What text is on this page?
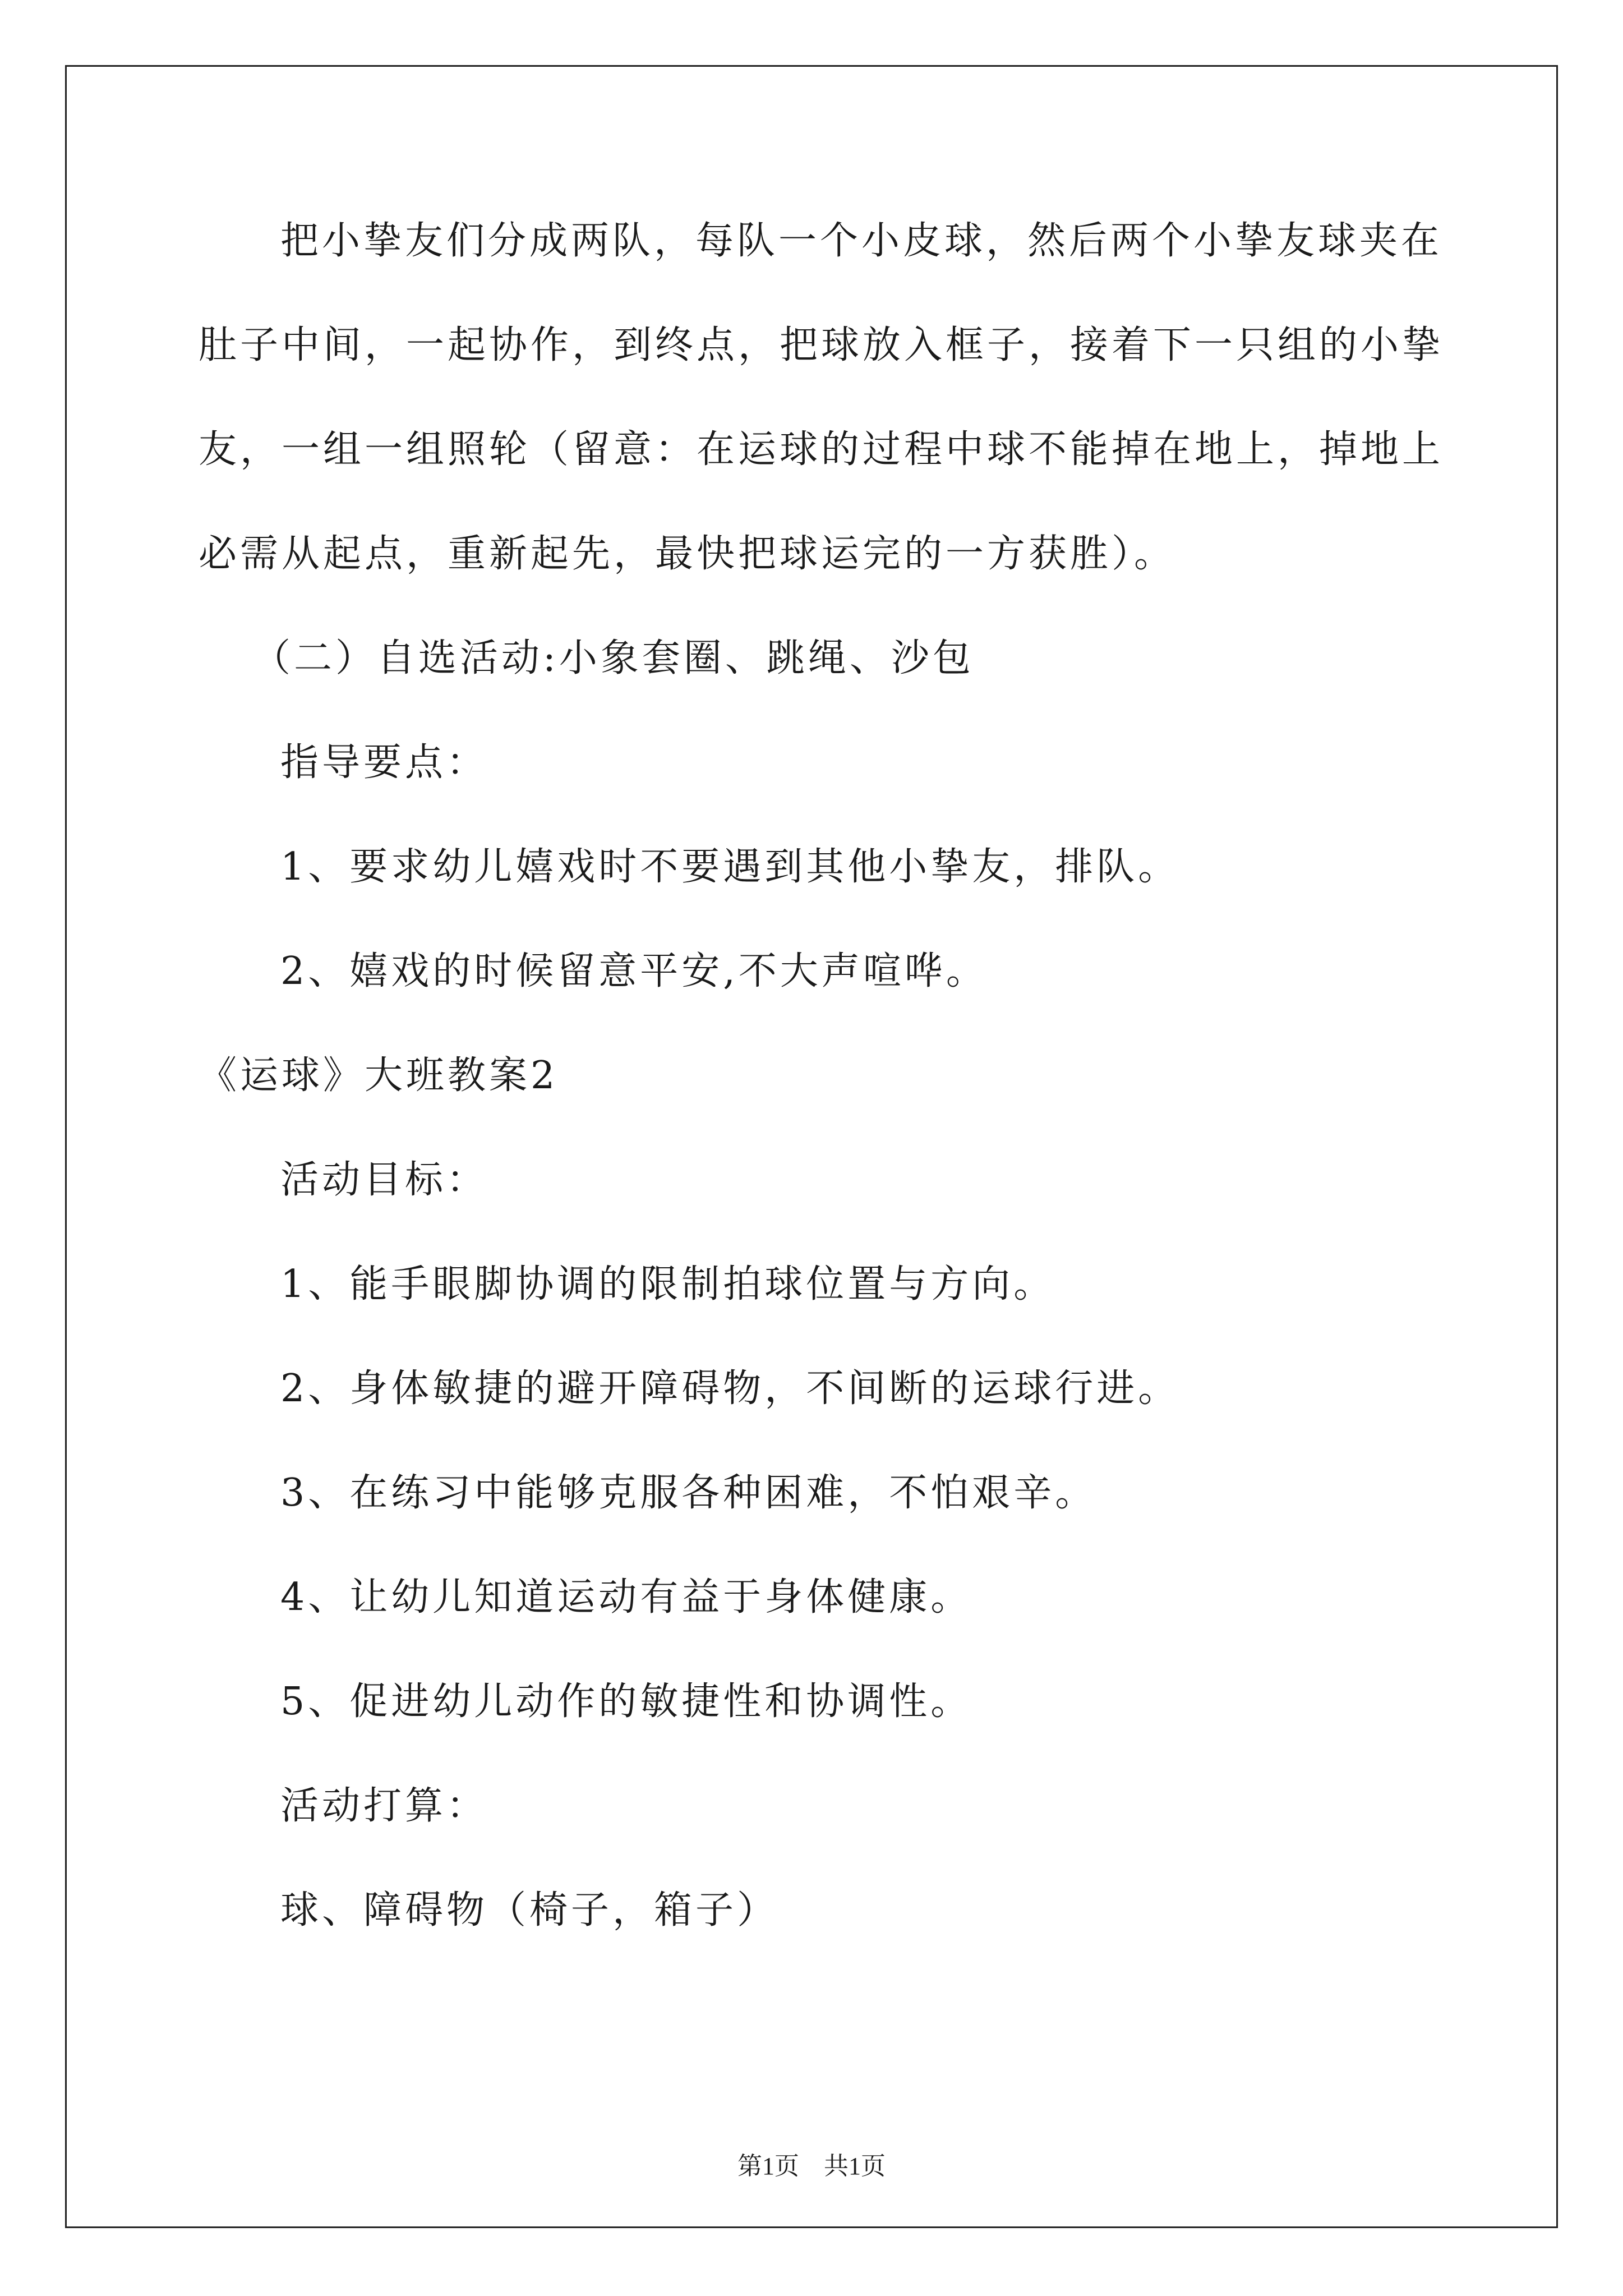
把小挚友们分成两队，每队一个小皮球，然后两个小挚友球夹在
肚子中间，一起协作，到终点，把球放入框子，接着下一只组的小挚
友，一组一组照轮（留意：在运球的过程中球不能掉在地上，掉地上
必需从起点，重新起先，最快把球运完的一方获胜）。
（二）自选活动:小象套圈、跳绳、沙包
指导要点：
1、要求幼儿嬉戏时不要遇到其他小挚友，排队。
2、嬉戏的时候留意平安,不大声喧哗。
《运球》大班教案2
活动目标：
1、能手眼脚协调的限制拍球位置与方向。
2、身体敏捷的避开障碍物，不间断的运球行进。
3、在练习中能够克服各种困难，不怕艰辛。
4、让幼儿知道运动有益于身体健康。
5、促进幼儿动作的敏捷性和协调性。
活动打算：
球、障碍物（椅子，箱子）
第1页　共1页
